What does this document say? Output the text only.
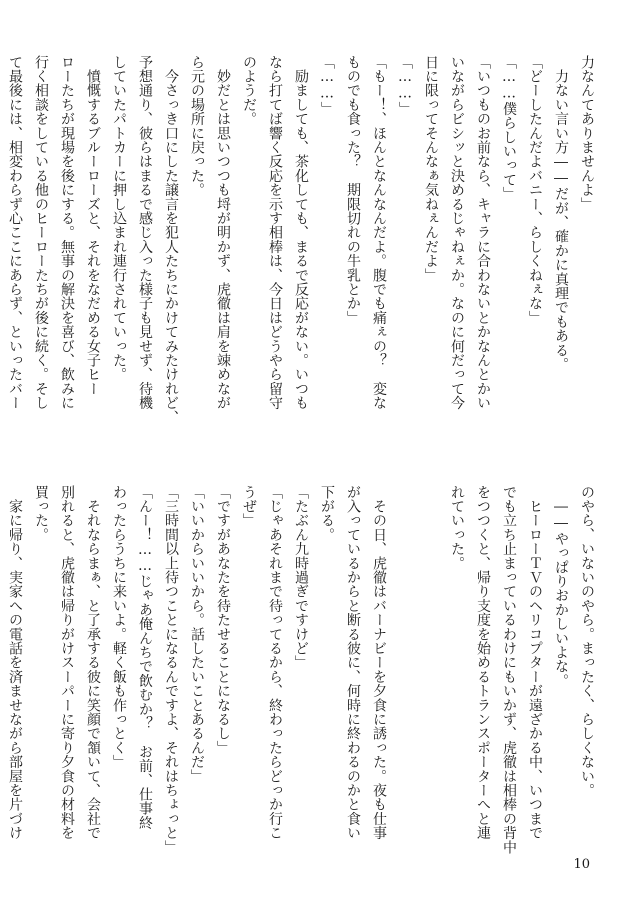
力なんてありませんよ」
　力ない言い方――だが、確かに真理でもある。
「どーしたんだよバニー、らしくねぇな」
「……僕らしいって」
「いつものお前なら、キャラに合わないとかなんとかい
いながらビシッと決めるじゃねぇか。なのに何だって今
日に限ってそんなぁ気ねぇんだよ」
「……」
「もー！、ほんとなんなんだよ。腹でも痛ぇの？　変な
ものでも食った？　期限切れの牛乳とか」
「……」
　励ましても、茶化しても、まるで反応がない。いつも
なら打てば響く反応を示す相棒は、今日はどうやら留守
のようだ。
　妙だとは思いつつも埒が明かず、虎徹は肩を竦めなが
ら元の場所に戻った。
　今さっき口にした譲言を犯人たちにかけてみたけれど、
予想通り、彼らはまるで感じ入った様子も見せず、待機
していたパトカーに押し込まれ連行されていった。
　憤慨するブルーローズと、それをなだめる女子ヒー
ローたちが現場を後にする。無事の解決を喜び、飲みに
行く相談をしている他のヒーローたちが後に続く。そし
て最後には、相変わらず心ここにあらず、といったバー
のやら、いないのやら。まったく、らしくない。
　――やっぱりおかしいよな。
　ヒーローＴＶのヘリコプターが遠ざかる中、いつまで
でも立ち止まっているわけにもいかず、虎徹は相棒の背中
をつつくと、帰り支度を始めるトランスポーターへと連
れていった。
　その日、虎徹はバーナビーを夕食に誘った。夜も仕事
が入っているからと断る彼に、何時に終わるのかと食い
下がる。
「たぶん九時過ぎですけど」
「じゃあそれまで待ってるから、終わったらどっか行こ
うぜ」
「ですがあなたを待たせることになるし」
「いいからいいから。話したいことあるんだ」
「三時間以上待つことになるんですよ、それはちょっと」
「んー！……じゃあ俺んちで飲むか？　お前、仕事終
わったらうちに来いよ。軽く飯も作っとく」
　それならまぁ、と了承する彼に笑顔で頷いて、会社で
別れると、虎徹は帰りがけスーパーに寄り夕食の材料を
買った。
　家に帰り、実家への電話を済ませながら部屋を片づけ
10
